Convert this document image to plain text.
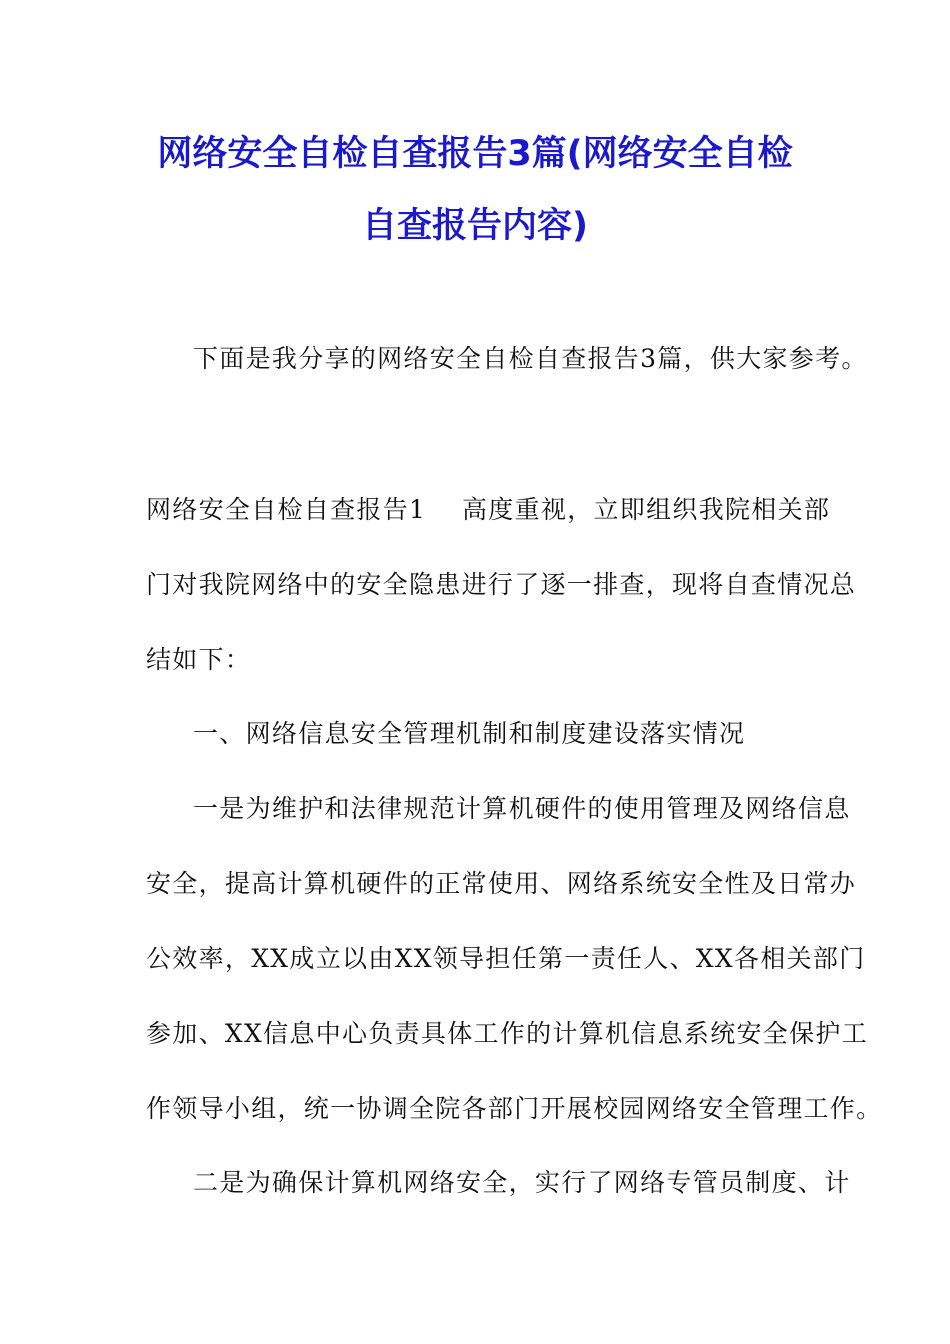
网络安全自检自查报告3篇(网络安全自检
自查报告内容)
下面是我分享的网络安全自检自查报告3篇，供大家参考。
网络安全自检自查报告1 高度重视，立即组织我院相关部
门对我院网络中的安全隐患进行了逐一排查，现将自查情况总
结如下：
一、网络信息安全管理机制和制度建设落实情况
一是为维护和法律规范计算机硬件的使用管理及网络信息
安全，提高计算机硬件的正常使用、网络系统安全性及日常办
公效率，XX成立以由XX领导担任第一责任人、XX各相关部门
参加、XX信息中心负责具体工作的计算机信息系统安全保护工
作领导小组，统一协调全院各部门开展校园网络安全管理工作。
二是为确保计算机网络安全，实行了网络专管员制度、计
